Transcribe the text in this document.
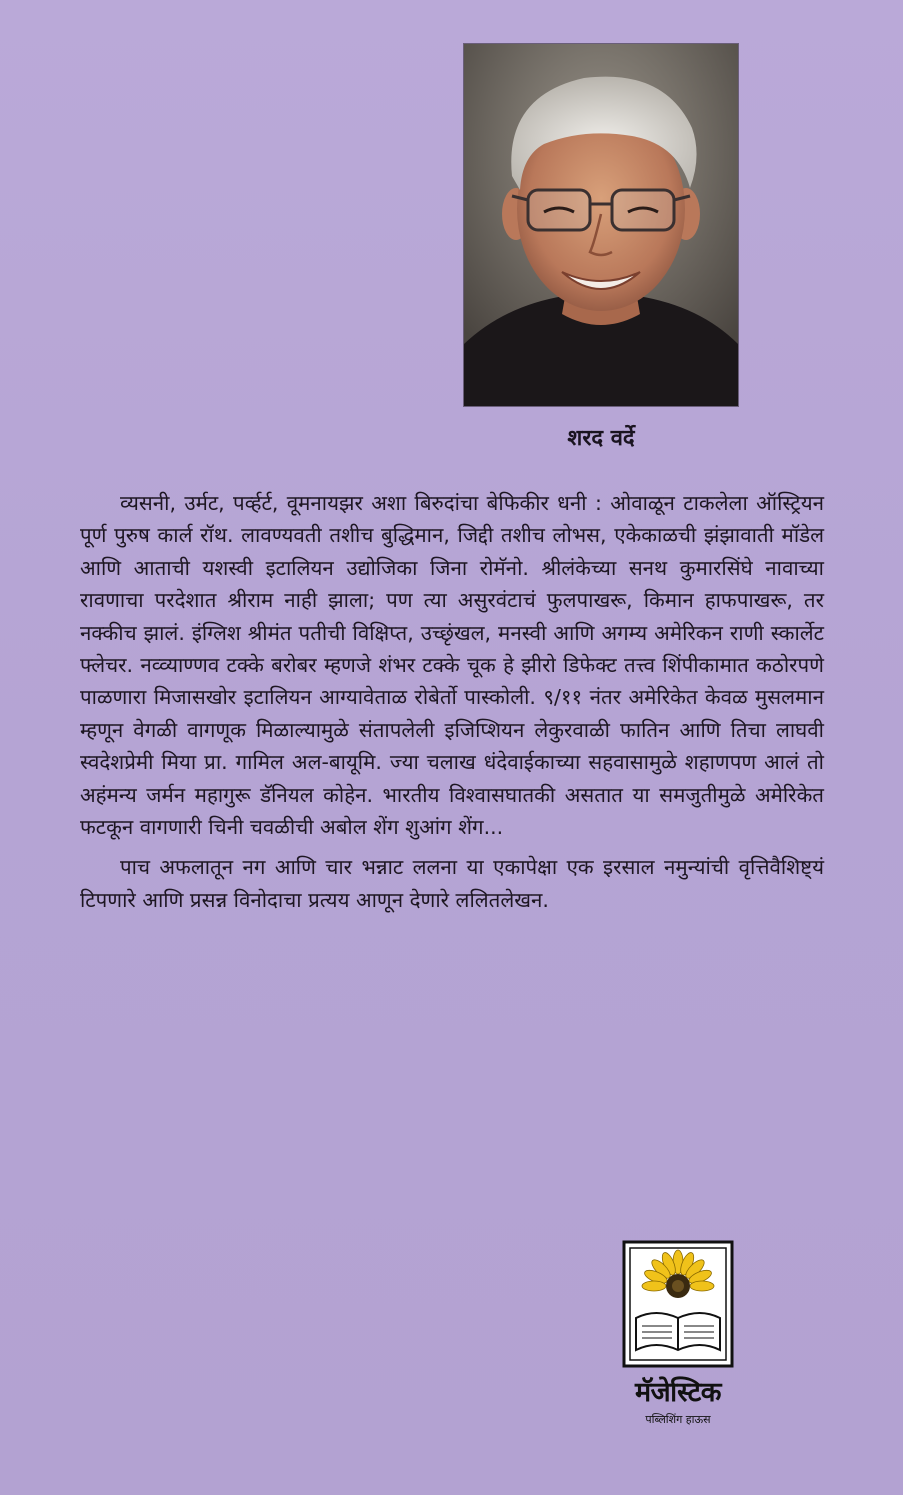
शरद वर्दे

व्यसनी, उर्मट, पर्व्हर्ट, वूमनायझर अशा बिरुदांचा बेफिकीर धनी : ओवाळून टाकलेला ऑस्ट्रियन पूर्ण पुरुष कार्ल रॉथ. लावण्यवती तशीच बुद्धिमान, जिद्दी तशीच लोभस, एकेकाळची झंझावाती मॉडेल आणि आताची यशस्वी इटालियन उद्योजिका जिना रोमॅनो. श्रीलंकेच्या सनथ कुमारसिंघे नावाच्या रावणाचा परदेशात श्रीराम नाही झाला; पण त्या असुरवंटाचं फुलपाखरू, किमान हाफपाखरू, तर नक्कीच झालं. इंग्लिश श्रीमंत पतीची विक्षिप्त, उच्छृंखल, मनस्वी आणि अगम्य अमेरिकन राणी स्कार्लेट फ्लेचर. नव्व्याण्णव टक्के बरोबर म्हणजे शंभर टक्के चूक हे झीरो डिफेक्ट तत्त्व शिंपीकामात कठोरपणे पाळणारा मिजासखोर इटालियन आग्यावेताळ रोबेर्तो पास्कोली. ९/११ नंतर अमेरिकेत केवळ मुसलमान म्हणून वेगळी वागणूक मिळाल्यामुळे संतापलेली इजिप्शियन लेकुरवाळी फातिन आणि तिचा लाघवी स्वदेशप्रेमी मिया प्रा. गामिल अल-बायूमि. ज्या चलाख धंदेवाईकाच्या सहवासामुळे शहाणपण आलं तो अहंमन्य जर्मन महागुरू डॅनियल कोहेन. भारतीय विश्वासघातकी असतात या समजुतीमुळे अमेरिकेत फटकून वागणारी चिनी चवळीची अबोल शेंग शुआंग शेंग...

पाच अफलातून नग आणि चार भन्नाट ललना या एकापेक्षा एक इरसाल नमुन्यांची वृत्तिवैशिष्ट्यं टिपणारे आणि प्रसन्न विनोदाचा प्रत्यय आणून देणारे ललितलेखन.

मॅजेस्टिक
पब्लिशिंग हाऊस
